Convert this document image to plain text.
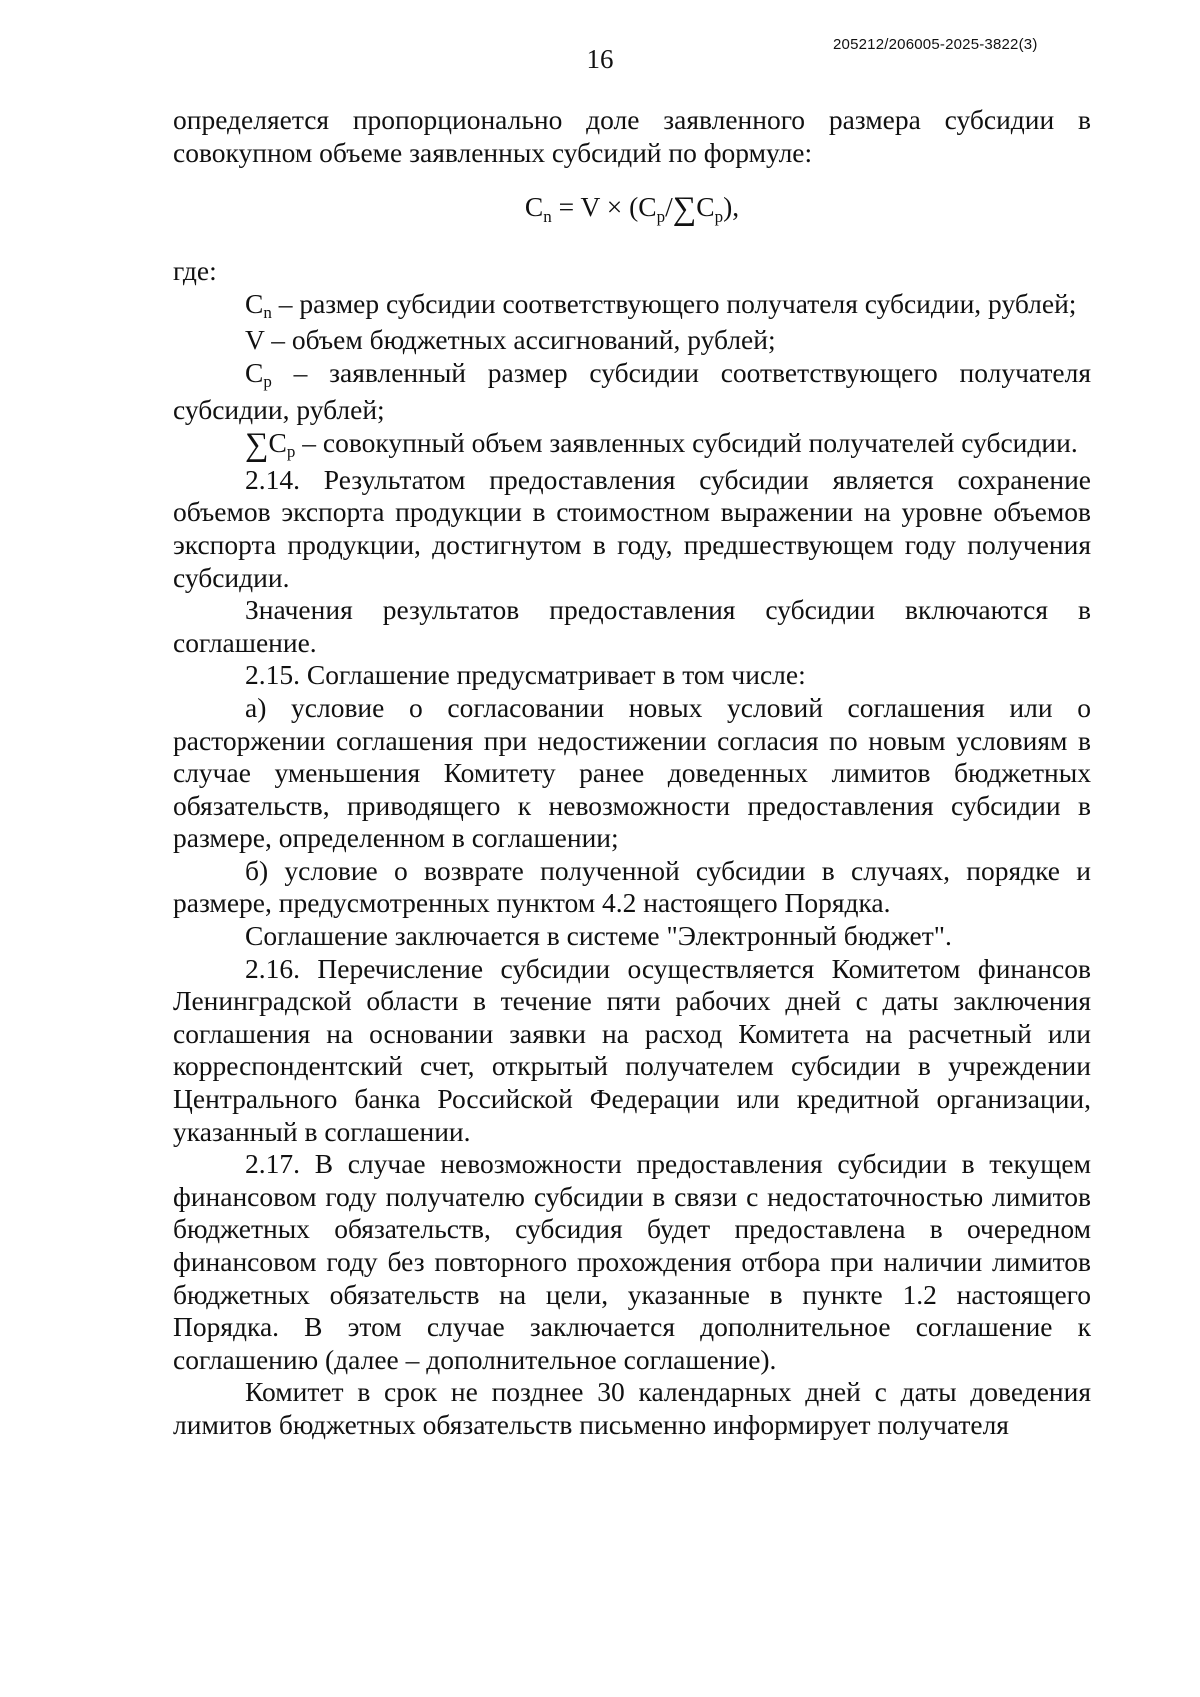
16	205212/206005-2025-3822(3)

определяется пропорционально доле заявленного размера субсидии в совокупном объеме заявленных субсидий по формуле:

$C_n = V \times (C_p/\sum C_p)$,

где:

Cn – размер субсидии соответствующего получателя субсидии, рублей;

V – объем бюджетных ассигнований, рублей;

Cp – заявленный размер субсидии соответствующего получателя субсидии, рублей;

∑Cp – совокупный объем заявленных субсидий получателей субсидии.

2.14. Результатом предоставления субсидии является сохранение объемов экспорта продукции в стоимостном выражении на уровне объемов экспорта продукции, достигнутом в году, предшествующем году получения субсидии.

Значения результатов предоставления субсидии включаются в соглашение.

2.15. Соглашение предусматривает в том числе:

а) условие о согласовании новых условий соглашения или о расторжении соглашения при недостижении согласия по новым условиям в случае уменьшения Комитету ранее доведенных лимитов бюджетных обязательств, приводящего к невозможности предоставления субсидии в размере, определенном в соглашении;

б) условие о возврате полученной субсидии в случаях, порядке и размере, предусмотренных пунктом 4.2 настоящего Порядка.

Соглашение заключается в системе "Электронный бюджет".

2.16. Перечисление субсидии осуществляется Комитетом финансов Ленинградской области в течение пяти рабочих дней с даты заключения соглашения на основании заявки на расход Комитета на расчетный или корреспондентский счет, открытый получателем субсидии в учреждении Центрального банка Российской Федерации или кредитной организации, указанный в соглашении.

2.17. В случае невозможности предоставления субсидии в текущем финансовом году получателю субсидии в связи с недостаточностью лимитов бюджетных обязательств, субсидия будет предоставлена в очередном финансовом году без повторного прохождения отбора при наличии лимитов бюджетных обязательств на цели, указанные в пункте 1.2 настоящего Порядка. В этом случае заключается дополнительное соглашение к соглашению (далее – дополнительное соглашение).

Комитет в срок не позднее 30 календарных дней с даты доведения лимитов бюджетных обязательств письменно информирует получателя
